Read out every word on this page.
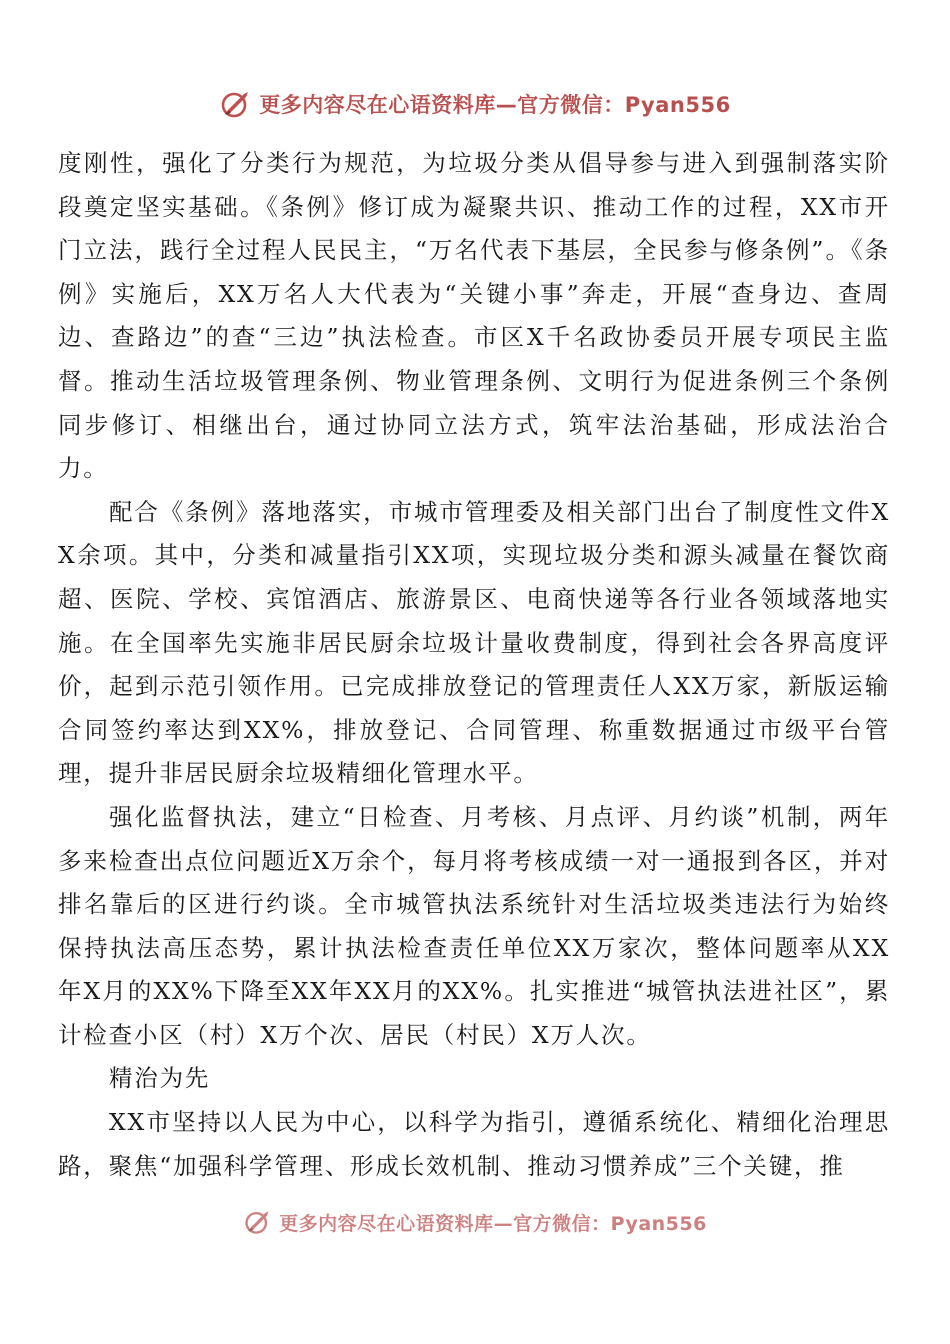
更多内容尽在心语资料库—官方微信：Pyan556

度刚性，强化了分类行为规范，为垃圾分类从倡导参与进入到强制落实阶段奠定坚实基础。《条例》修订成为凝聚共识、推动工作的过程，XX市开门立法，践行全过程人民民主，“万名代表下基层，全民参与修条例”。《条例》实施后，XX万名人大代表为“关键小事”奔走，开展“查身边、查周边、查路边”的查“三边”执法检查。市区X千名政协委员开展专项民主监督。推动生活垃圾管理条例、物业管理条例、文明行为促进条例三个条例同步修订、相继出台，通过协同立法方式，筑牢法治基础，形成法治合力。

配合《条例》落地落实，市城市管理委及相关部门出台了制度性文件XX余项。其中，分类和减量指引XX项，实现垃圾分类和源头减量在餐饮商超、医院、学校、宾馆酒店、旅游景区、电商快递等各行业各领域落地实施。在全国率先实施非居民厨余垃圾计量收费制度，得到社会各界高度评价，起到示范引领作用。已完成排放登记的管理责任人XX万家，新版运输合同签约率达到XX%，排放登记、合同管理、称重数据通过市级平台管理，提升非居民厨余垃圾精细化管理水平。

强化监督执法，建立“日检查、月考核、月点评、月约谈”机制，两年多来检查出点位问题近X万余个，每月将考核成绩一对一通报到各区，并对排名靠后的区进行约谈。全市城管执法系统针对生活垃圾类违法行为始终保持执法高压态势，累计执法检查责任单位XX万家次，整体问题率从XX年X月的XX%下降至XX年XX月的XX%。扎实推进“城管执法进社区”，累计检查小区（村）X万个次、居民（村民）X万人次。

精治为先

XX市坚持以人民为中心，以科学为指引，遵循系统化、精细化治理思路，聚焦“加强科学管理、形成长效机制、推动习惯养成”三个关键，推

更多内容尽在心语资料库—官方微信：Pyan556
